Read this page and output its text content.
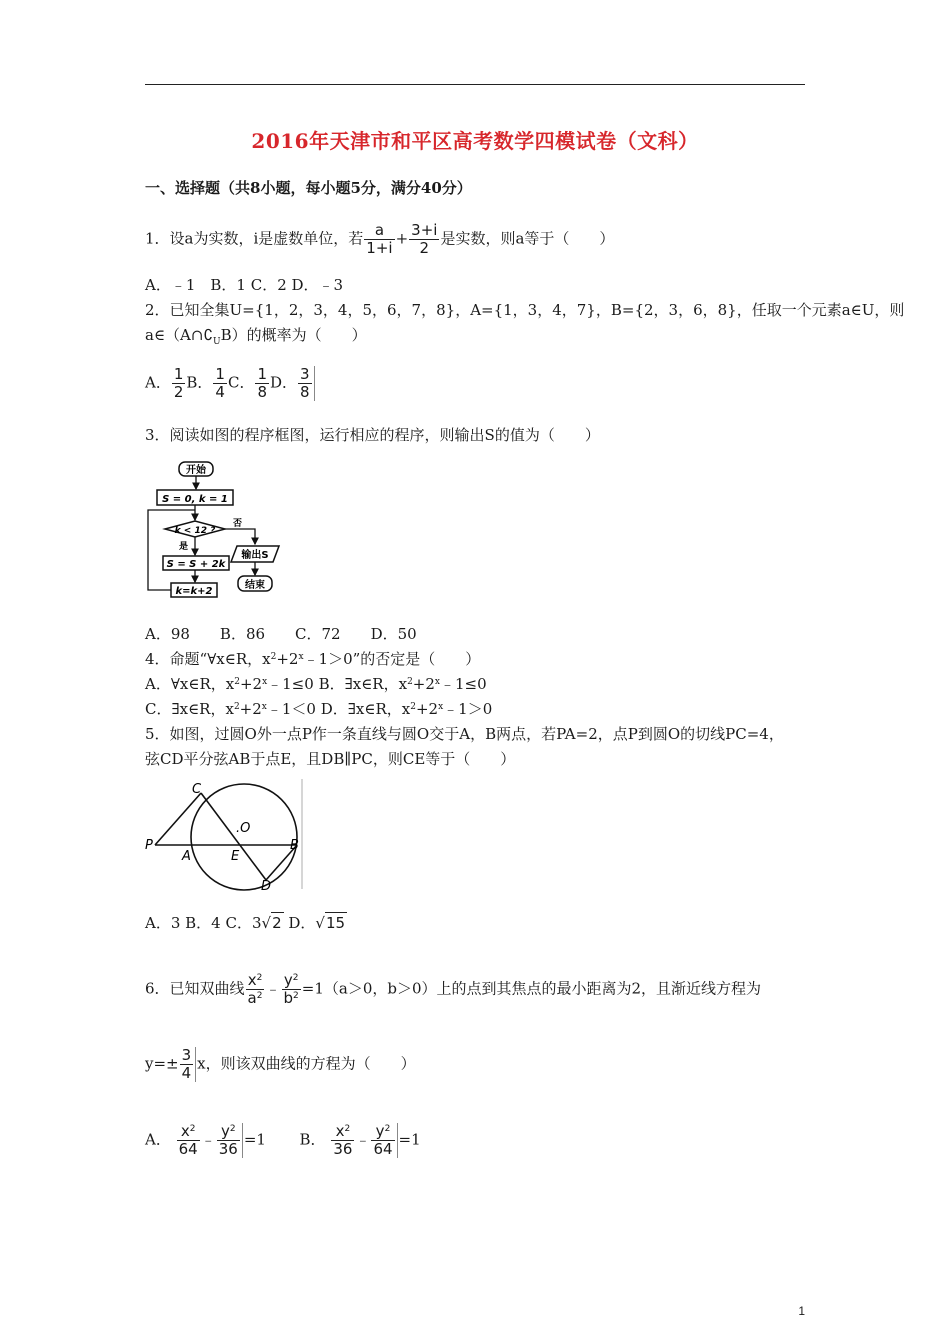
2016年天津市和平区高考数学四模试卷（文科）
一、选择题（共8小题，每小题5分，满分40分）
1．设a为实数，i是虚数单位，若 $\frac{a}{1+i} + \frac{3+i}{2}$ 是实数，则a等于（　　）
A．﹣1　B．1 C．2 D．﹣3
2．已知全集U={1，2，3，4，5，6，7，8}，A={1，3，4，7}，B={2，3，6，8}，任取一个元素a∈U，则
$a\in(A\cap∁_UB)$的概率为（　　）
A． $\frac{1}{2}$ B． $\frac{1}{4}$ C． $\frac{1}{8}$ D． $\frac{3}{8}$
3．阅读如图的程序框图，运行相应的程序，则输出S的值为（　　）
开始
S = 0, k = 1
k < 12 ?
否
是
输出S
结束
S = S + 2k
k=k+2
A．98　　B．86　　C．72　　D．50
4．命题“∀x∈R，$x^2+2^x﹣1>0$”的否定是（　　）
A．∀x∈R，$x^2+2^x﹣1\le 0$ B．∃x∈R，$x^2+2^x﹣1\le 0$
C．∃x∈R，$x^2+2^x﹣1<0$ D．∃x∈R，$x^2+2^x﹣1>0$
5．如图，过圆O外一点P作一条直线与圆O交于A，B两点，若PA=2，点P到圆O的切线PC=4，
弦CD平分弦AB于点E，且DB∥PC，则CE等于（　　）
P
A	E
B
C
D
.O
A．3 B．4 C．3√2 D．√15
6．已知双曲线 $\frac{x^2}{a^2}$ ﹣ $\frac{y^2}{b^2} =1(a>0$，b＞0）上的点到其焦点的最小距离为2，且渐近线方程为
$y=\pm \frac{3}{4}$ x，则该双曲线的方程为（　　）
A． $\frac{x^2}{64}$ ﹣ $\frac{y^2}{36} =1$ B． $\frac{x^2}{36}$ ﹣ $\frac{y^2}{64} =1$
1
